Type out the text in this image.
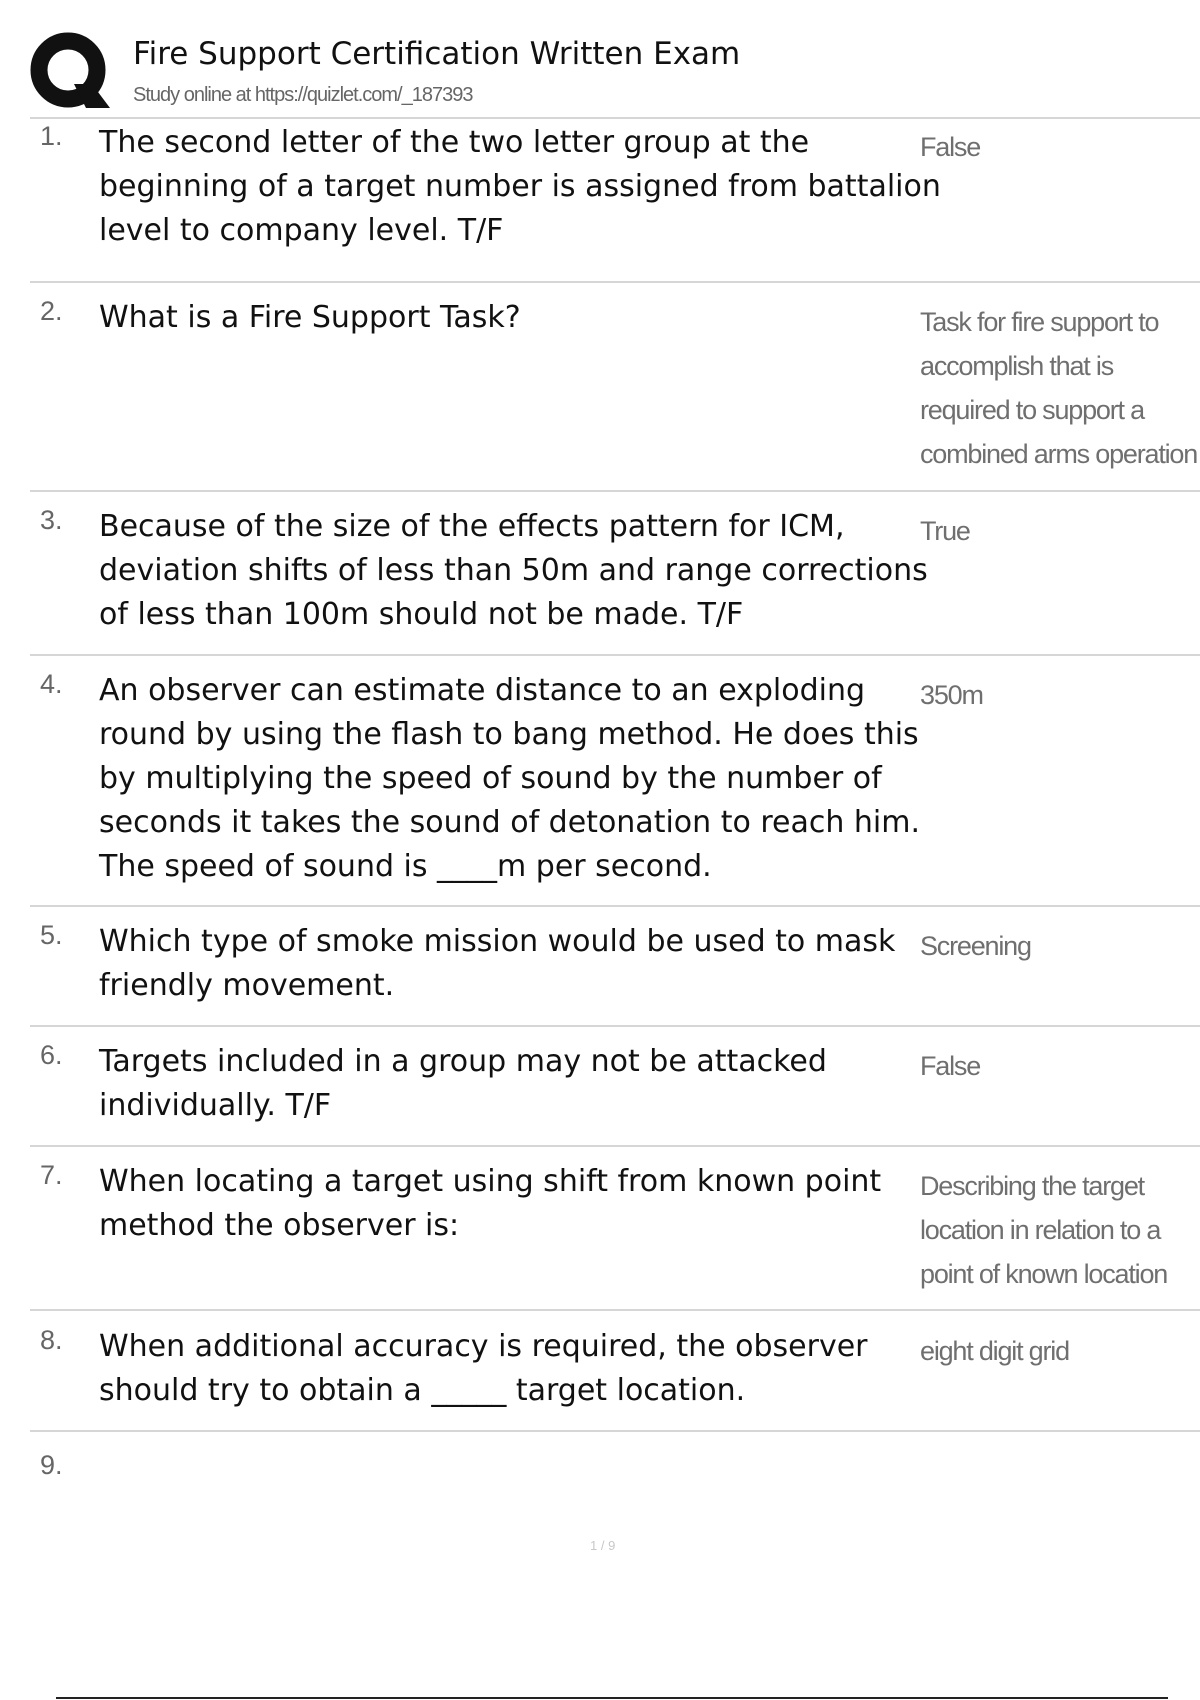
Fire Support Certification Written Exam
Study online at https://quizlet.com/_187393
1. The second letter of the two letter group at the beginning of a target number is assigned from battalion level to company level. T/F

False

2. What is a Fire Support Task?	Task for fire support to accomplish that is required to support a combined arms operation

3. Because of the size of the effects pattern for ICM, deviation shifts of less than 50m and range corrections of less than 100m should not be made. T/F

True

4. An observer can estimate distance to an exploding round by using the flash to bang method. He does this by multiplying the speed of sound by the number of seconds it takes the sound of detonation to reach him. The speed of sound is ____m per second.

350m

5. Which type of smoke mission would be used to mask friendly movement.

Screening

6. Targets included in a group may not be attacked individually. T/F

False

7. When locating a target using shift from known point method the observer is:

Describing the target location in relation to a point of known location

8. When additional accuracy is required, the observer should try to obtain a _____ target location.

eight digit grid

9.

1 / 9
